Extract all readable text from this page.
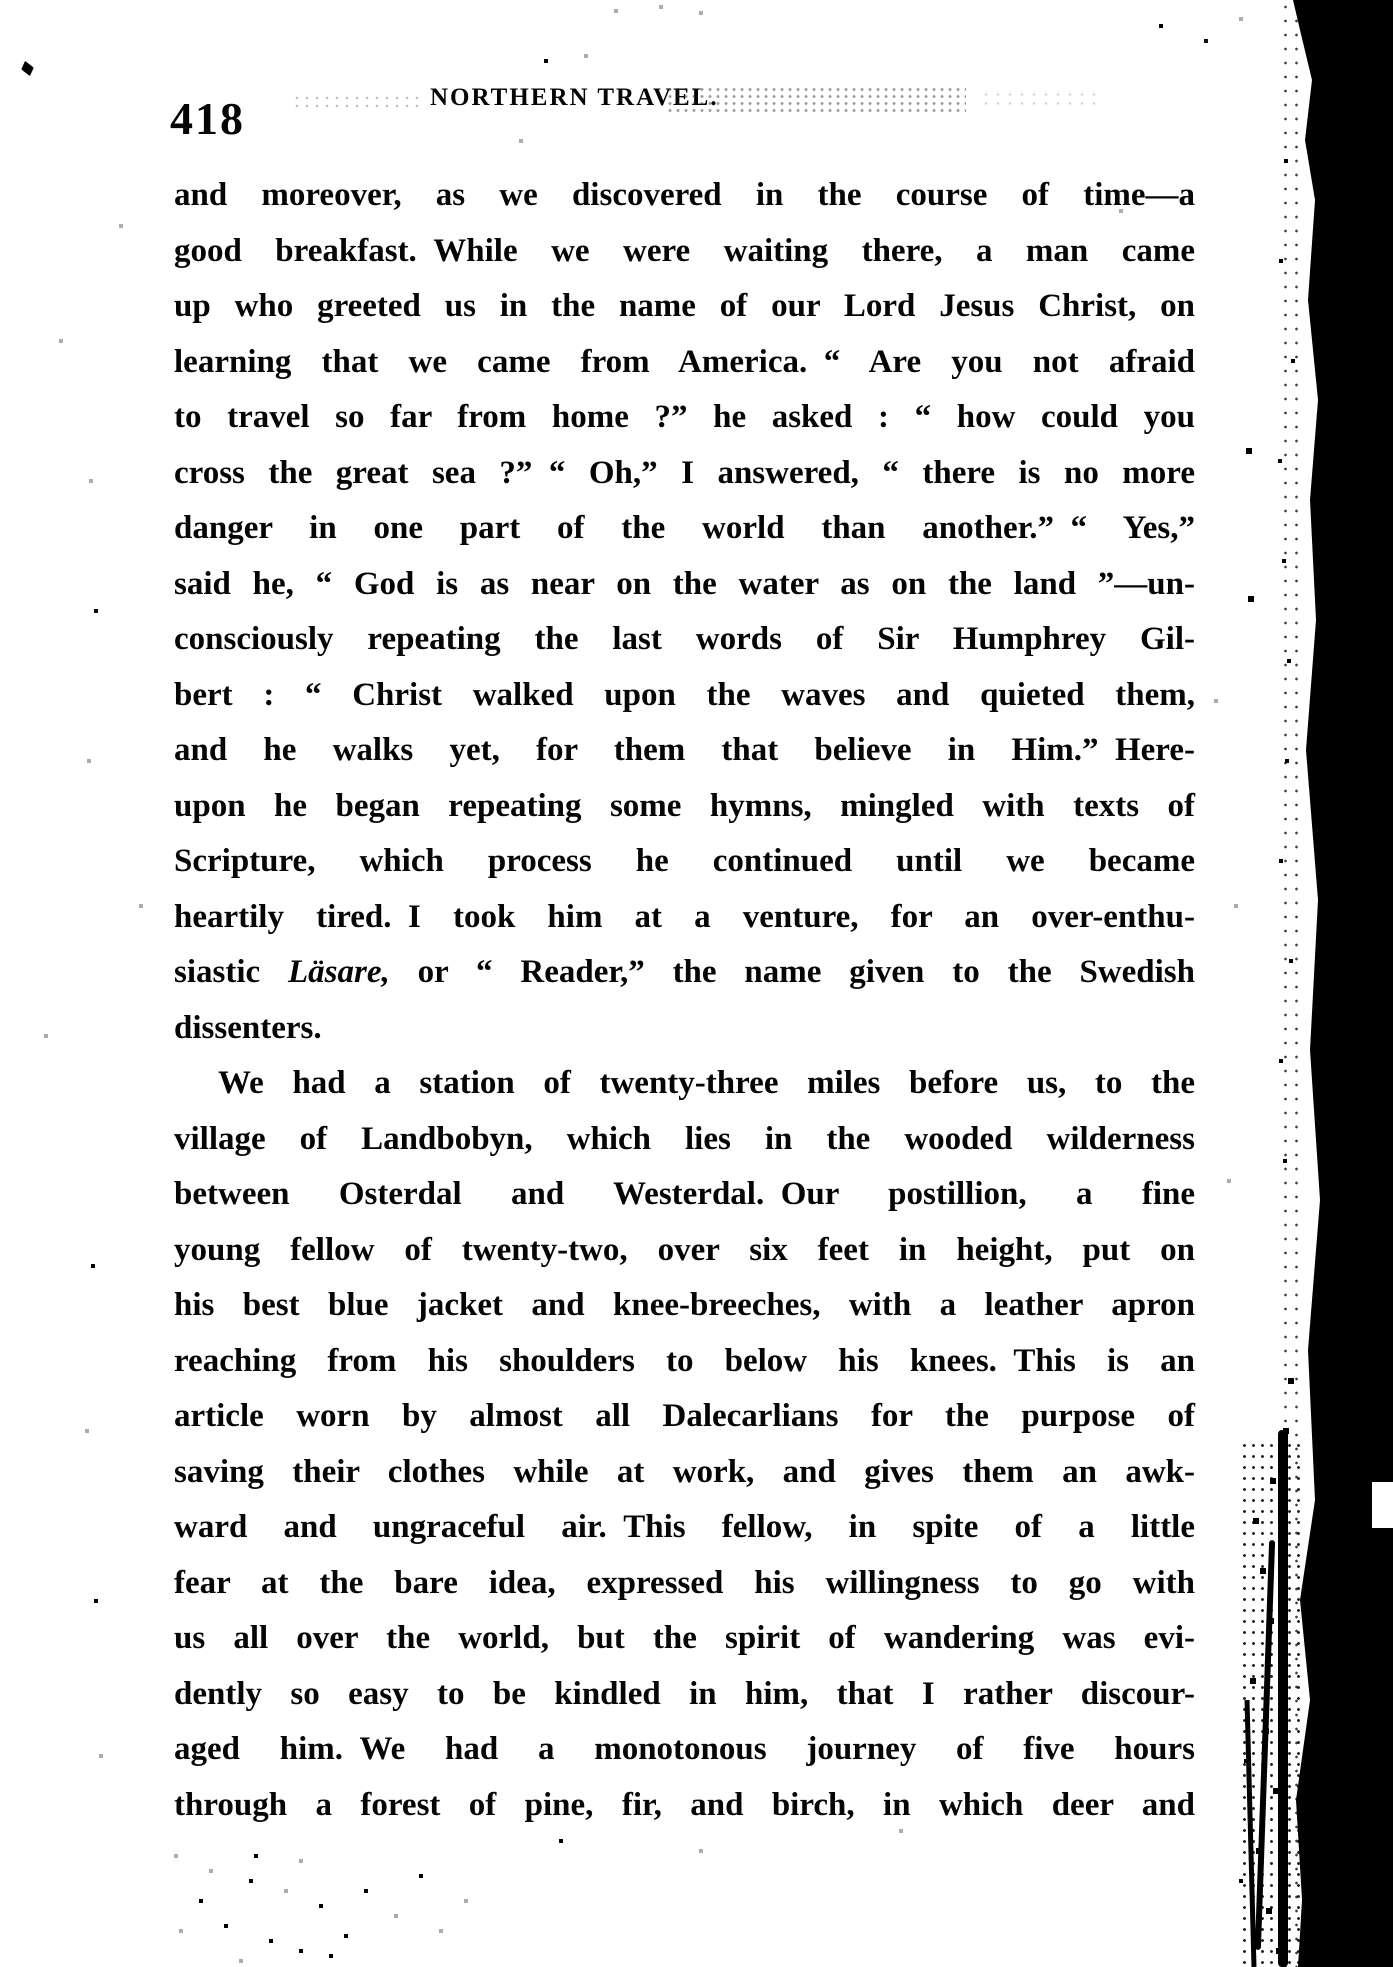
418	NORTHERN TRAVEL.
and moreover, as we discovered in the course of time—a
good breakfast. While we were waiting there, a man came
up who greeted us in the name of our Lord Jesus Christ, on
learning that we came from America. “ Are you not afraid
to travel so far from home ?” he asked : “ how could you
cross the great sea ?” “ Oh,” I answered, “ there is no more
danger in one part of the world than another.” “ Yes,”
said he, “ God is as near on the water as on the land ”—un-
consciously repeating the last words of Sir Humphrey Gil-
bert : “ Christ walked upon the waves and quieted them,
and he walks yet, for them that believe in Him.” Here-
upon he began repeating some hymns, mingled with texts of
Scripture, which process he continued until we became
heartily tired. I took him at a venture, for an over-enthu-
siastic Läsare, or “ Reader,” the name given to the Swedish
dissenters.
We had a station of twenty-three miles before us, to the
village of Landbobyn, which lies in the wooded wilderness
between Osterdal and Westerdal. Our postillion, a fine
young fellow of twenty-two, over six feet in height, put on
his best blue jacket and knee-breeches, with a leather apron
reaching from his shoulders to below his knees. This is an
article worn by almost all Dalecarlians for the purpose of
saving their clothes while at work, and gives them an awk-
ward and ungraceful air. This fellow, in spite of a little
fear at the bare idea, expressed his willingness to go with
us all over the world, but the spirit of wandering was evi-
dently so easy to be kindled in him, that I rather discour-
aged him. We had a monotonous journey of five hours
through a forest of pine, fir, and birch, in which deer and
